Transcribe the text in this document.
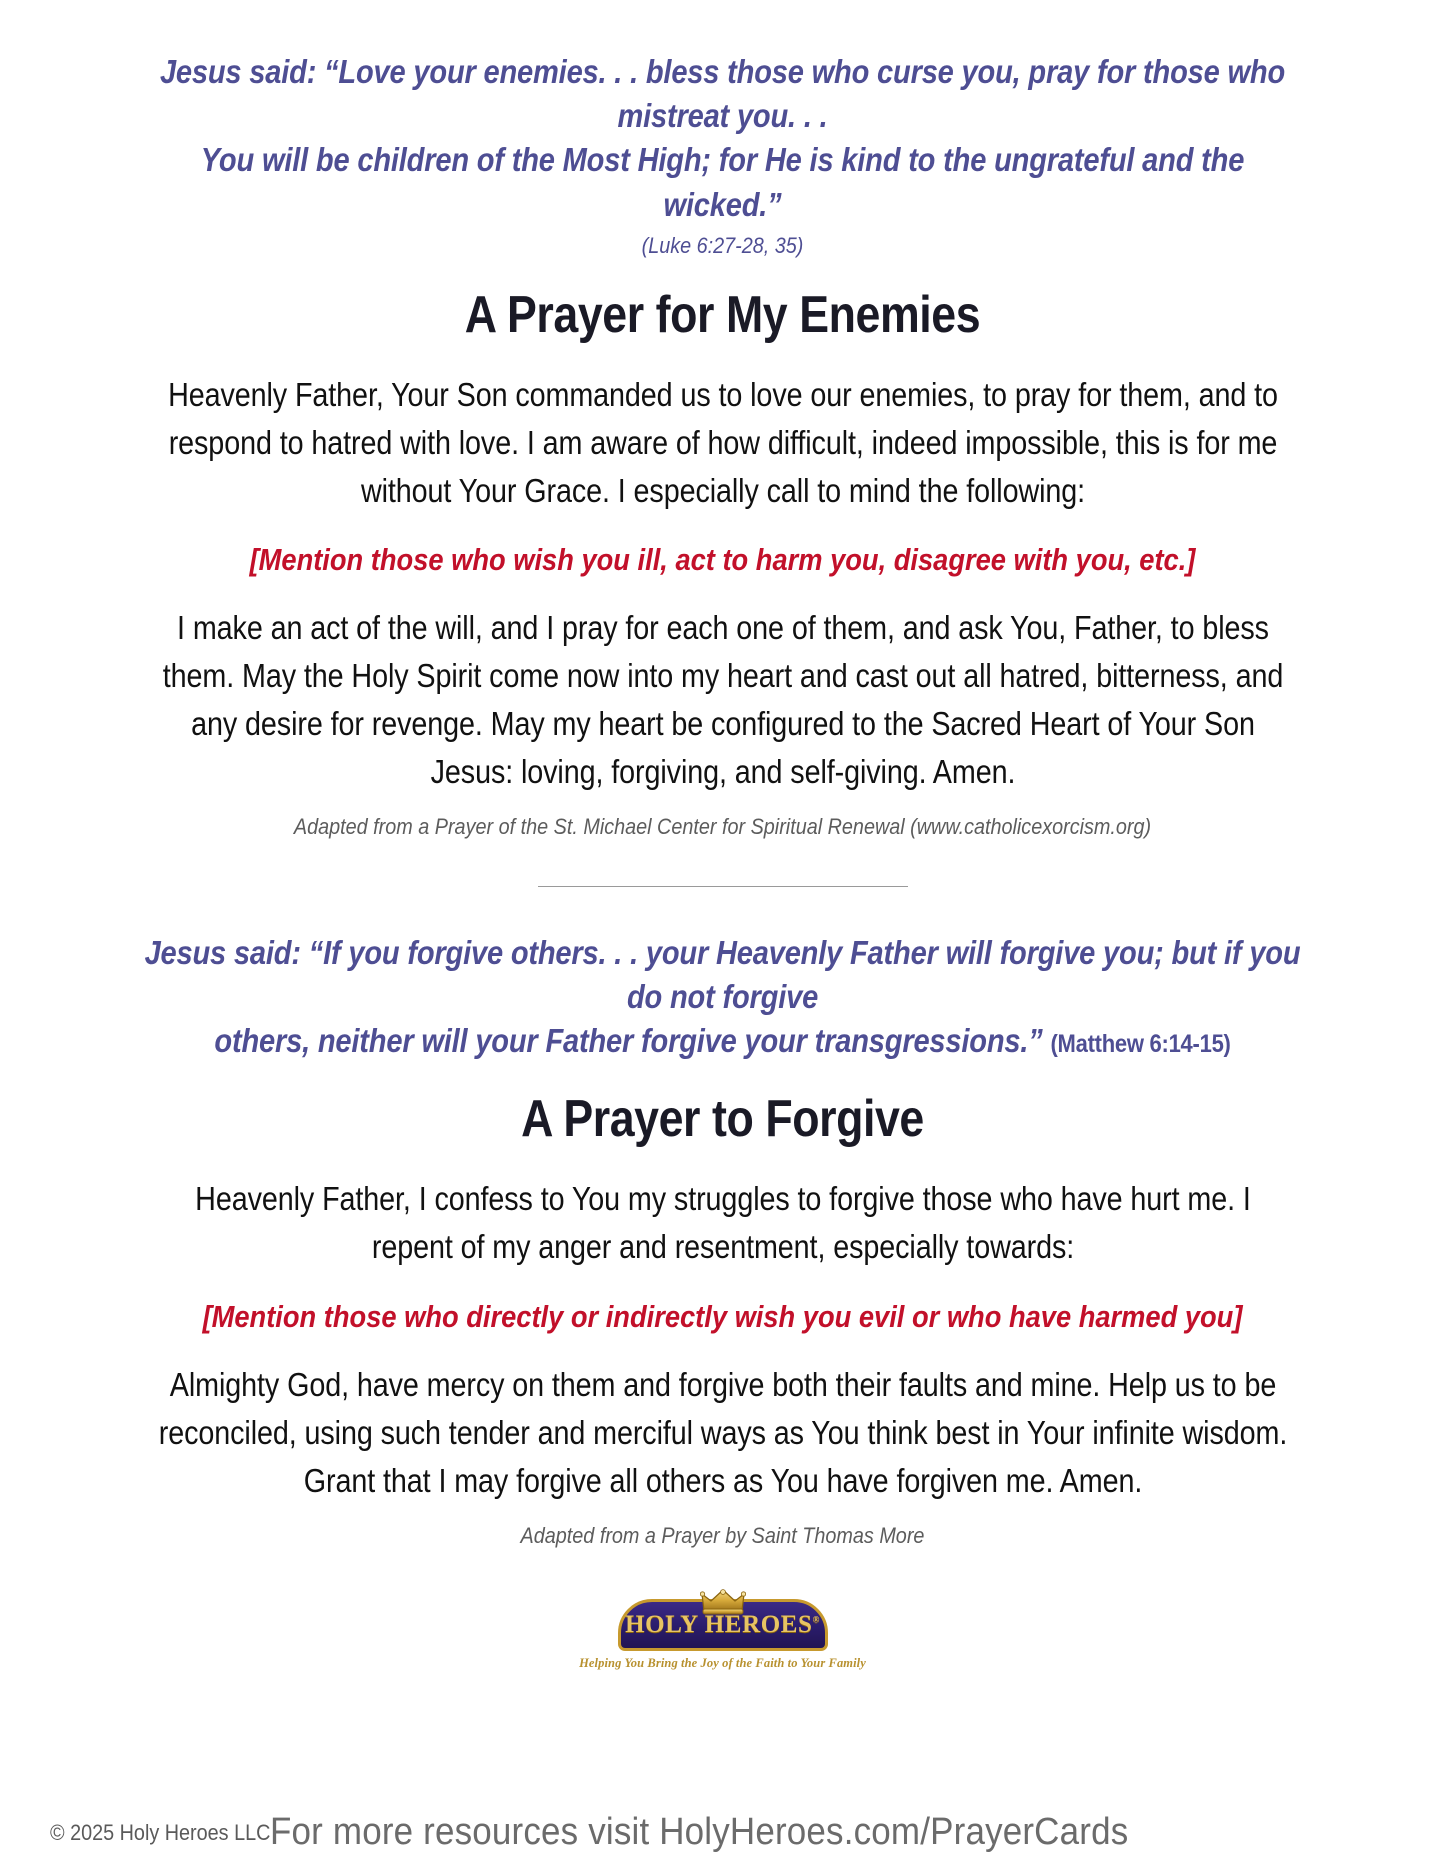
Jesus said: “Love your enemies. . . bless those who curse you, pray for those who mistreat you. . .
You will be children of the Most High; for He is kind to the ungrateful and the wicked.”
(Luke 6:27-28, 35)
A Prayer for My Enemies
Heavenly Father, Your Son commanded us to love our enemies, to pray for them, and to respond to hatred with love. I am aware of how difficult, indeed impossible, this is for me without Your Grace. I especially call to mind the following:
[Mention those who wish you ill, act to harm you, disagree with you, etc.]
I make an act of the will, and I pray for each one of them, and ask You, Father, to bless them. May the Holy Spirit come now into my heart and cast out all hatred, bitterness, and any desire for revenge. May my heart be configured to the Sacred Heart of Your Son Jesus: loving, forgiving, and self-giving. Amen.
Adapted from a Prayer of the St. Michael Center for Spiritual Renewal (www.catholicexorcism.org)
Jesus said: “If you forgive others. . . your Heavenly Father will forgive you; but if you do not forgive
others, neither will your Father forgive your transgressions.” (Matthew 6:14-15)
A Prayer to Forgive
Heavenly Father, I confess to You my struggles to forgive those who have hurt me. I repent of my anger and resentment, especially towards:
[Mention those who directly or indirectly wish you evil or who have harmed you]
Almighty God, have mercy on them and forgive both their faults and mine. Help us to be reconciled, using such tender and merciful ways as You think best in Your infinite wisdom. Grant that I may forgive all others as You have forgiven me. Amen.
Adapted from a Prayer by Saint Thomas More
HOLY HEROES®
Helping You Bring the Joy of the Faith to Your Family
© 2025 Holy Heroes LLC For more resources visit HolyHeroes.com/PrayerCards
